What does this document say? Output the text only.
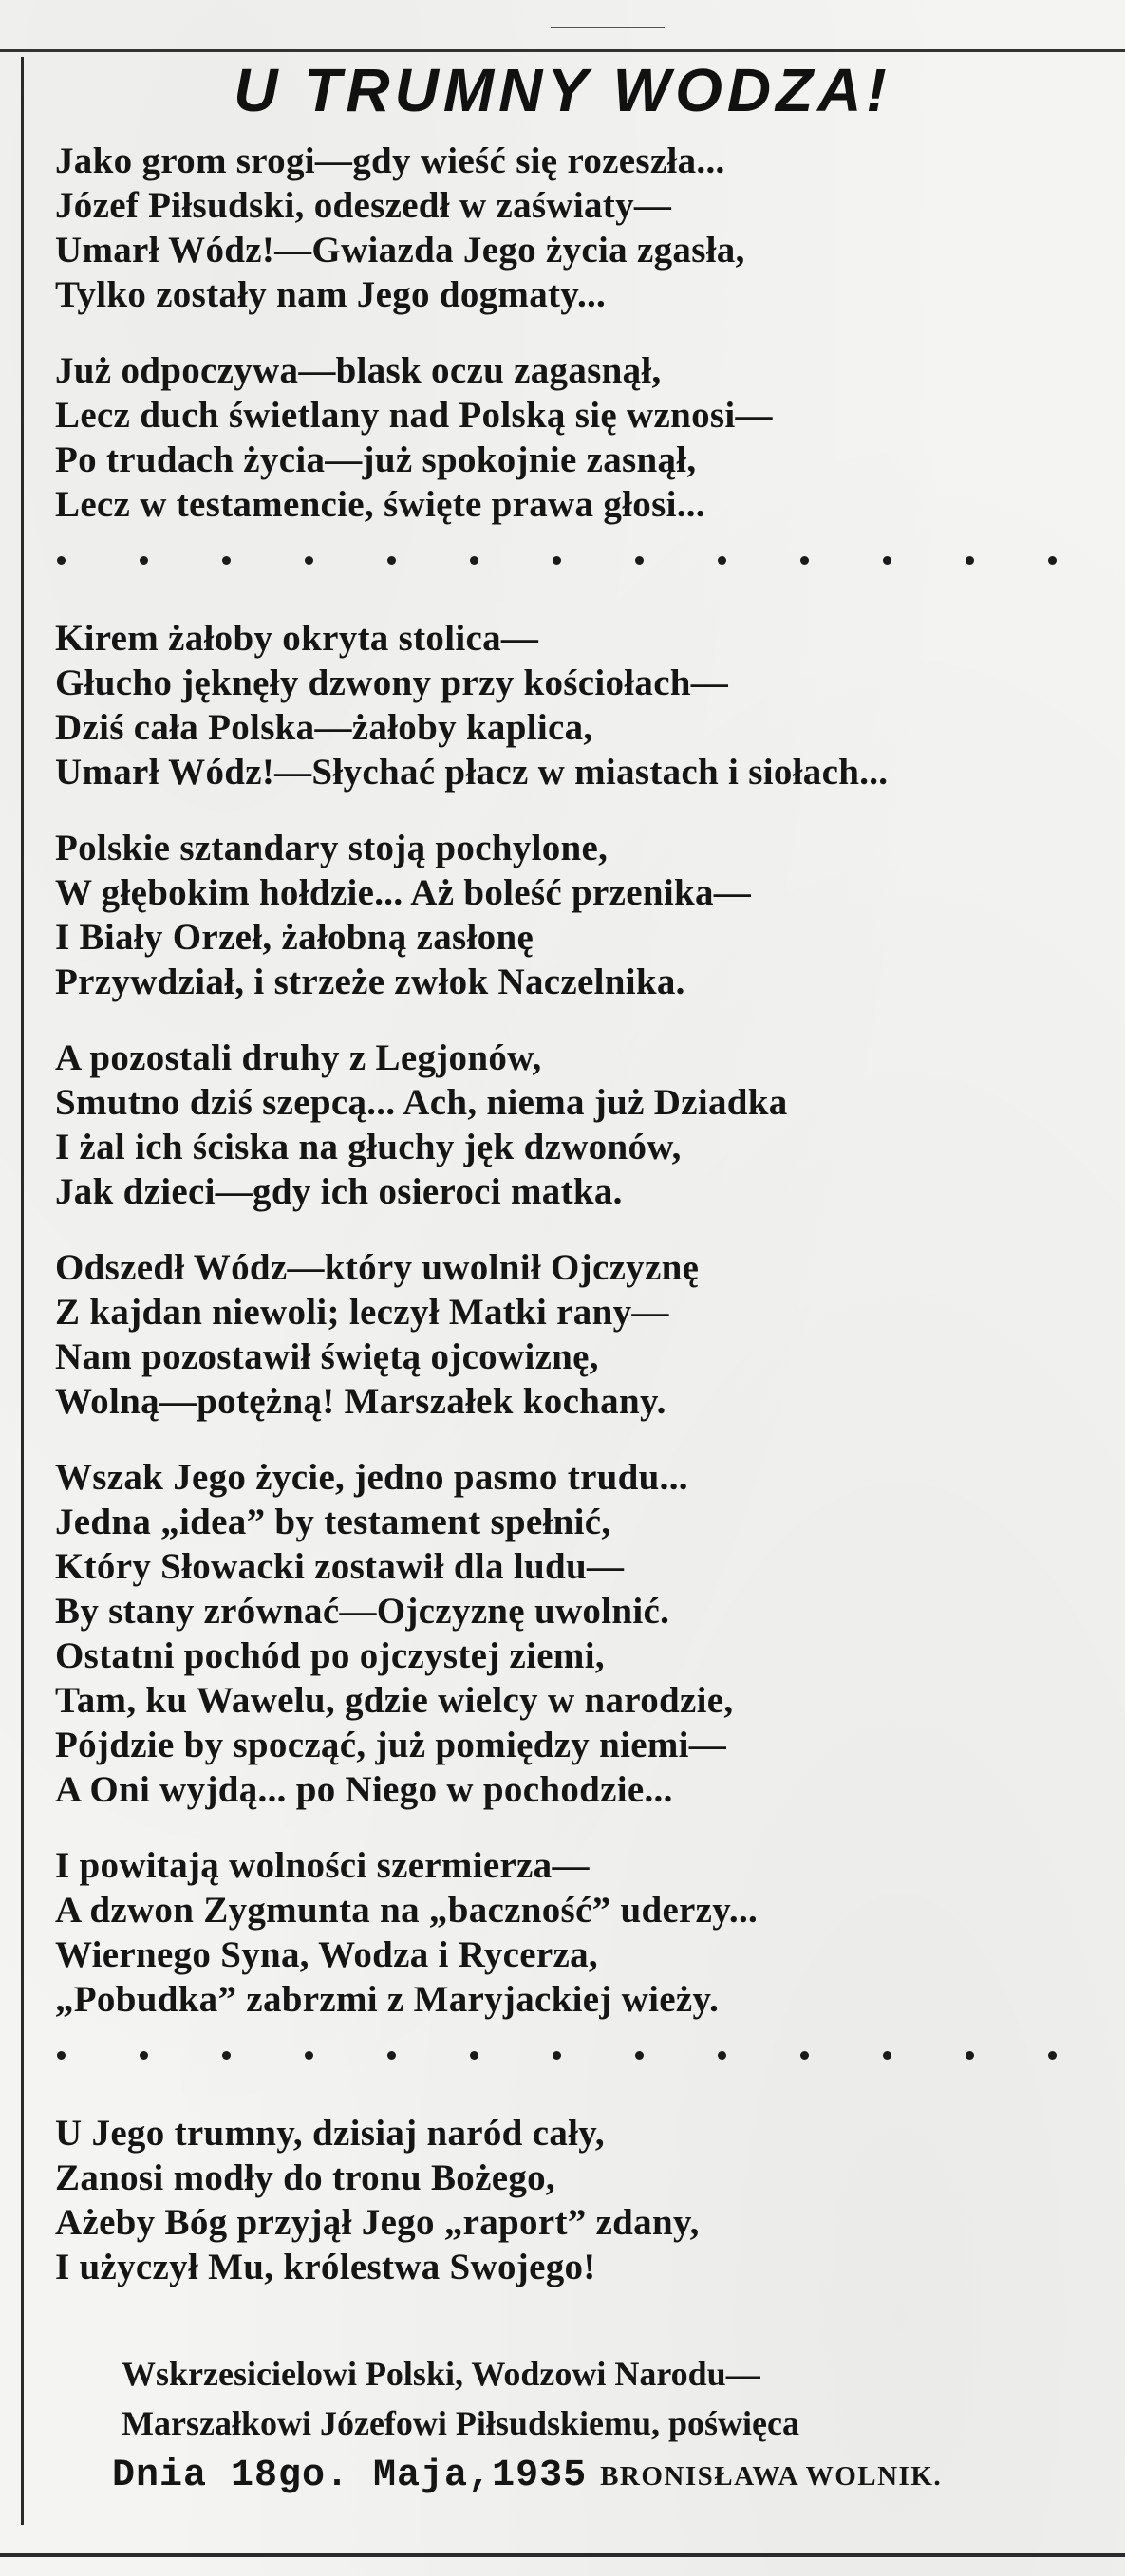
U TRUMNY WODZA!
Jako grom srogi—gdy wieść się rozeszła...
Józef Piłsudski, odeszedł w zaświaty—
Umarł Wódz!—Gwiazda Jego życia zgasła,
Tylko zostały nam Jego dogmaty...
Już odpoczywa—blask oczu zagasnął,
Lecz duch świetlany nad Polską się wznosi—
Po trudach życia—już spokojnie zasnął,
Lecz w testamencie, święte prawa głosi...
Kirem żałoby okryta stolica—
Głucho jęknęły dzwony przy kościołach—
Dziś cała Polska—żałoby kaplica,
Umarł Wódz!—Słychać płacz w miastach i siołach...
Polskie sztandary stoją pochylone,
W głębokim hołdzie... Aż boleść przenika—
I Biały Orzeł, żałobną zasłonę
Przywdział, i strzeże zwłok Naczelnika.
A pozostali druhy z Legjonów,
Smutno dziś szepcą... Ach, niema już Dziadka
I żal ich ściska na głuchy jęk dzwonów,
Jak dzieci—gdy ich osieroci matka.
Odszedł Wódz—który uwolnił Ojczyznę
Z kajdan niewoli; leczył Matki rany—
Nam pozostawił świętą ojcowiznę,
Wolną—potężną! Marszałek kochany.
Wszak Jego życie, jedno pasmo trudu...
Jedna „idea” by testament spełnić,
Który Słowacki zostawił dla ludu—
By stany zrównać—Ojczyznę uwolnić.
Ostatni pochód po ojczystej ziemi,
Tam, ku Wawelu, gdzie wielcy w narodzie,
Pójdzie by spocząć, już pomiędzy niemi—
A Oni wyjdą... po Niego w pochodzie...
I powitają wolności szermierza—
A dzwon Zygmunta na „baczność” uderzy...
Wiernego Syna, Wodza i Rycerza,
„Pobudka” zabrzmi z Maryjackiej wieży.
U Jego trumny, dzisiaj naród cały,
Zanosi modły do tronu Bożego,
Ażeby Bóg przyjął Jego „raport” zdany,
I użyczył Mu, królestwa Swojego!
Wskrzesicielowi Polski, Wodzowi Narodu—
Marszałkowi Józefowi Piłsudskiemu, poświęca
Dnia 18go. Maja,1935 BRONISŁAWA WOLNIK.
